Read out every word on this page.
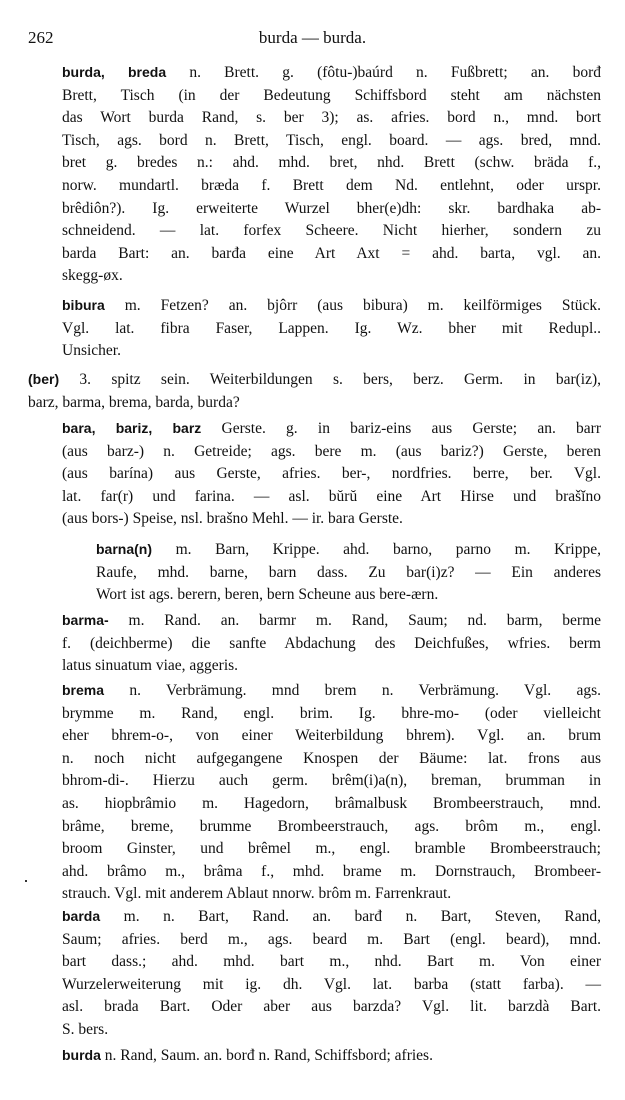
262	burda — burda.
burda, breda n. Brett. g. (fôtu-)baúrd n. Fußbrett; an. borđ
Brett, Tisch (in der Bedeutung Schiffsbord steht am nächsten
das Wort burda Rand, s. ber 3); as. afries. bord n., mnd. bort
Tisch, ags. bord n. Brett, Tisch, engl. board. — ags. bred, mnd.
bret g. bredes n.: ahd. mhd. bret, nhd. Brett (schw. bräda f.,
norw. mundartl. bræda f. Brett dem Nd. entlehnt, oder urspr.
brêdiôn?). Ig. erweiterte Wurzel bher(e)dh: skr. bardhaka ab-
schneidend. — lat. forfex Scheere. Nicht hierher, sondern zu
barda Bart: an. barđa eine Art Axt = ahd. barta, vgl. an.
skegg-øx.
bibura m. Fetzen? an. bjôrr (aus bibura) m. keilförmiges Stück.
Vgl. lat. fibra Faser, Lappen. Ig. Wz. bher mit Redupl..
Unsicher.
(ber) 3. spitz sein. Weiterbildungen s. bers, berz. Germ. in bar(iz),
barz, barma, brema, barda, burda?
bara, bariz, barz Gerste. g. in bariz-eins aus Gerste; an. barr
(aus barz-) n. Getreide; ags. bere m. (aus bariz?) Gerste, beren
(aus barína) aus Gerste, afries. ber-, nordfries. berre, ber. Vgl.
lat. far(r) und farina. — asl. bŭrŭ eine Art Hirse und brašĭno
(aus bors-) Speise, nsl. brašno Mehl. — ir. bara Gerste.
barna(n) m. Barn, Krippe. ahd. barno, parno m. Krippe,
Raufe, mhd. barne, barn dass. Zu bar(i)z? — Ein anderes
Wort ist ags. berern, beren, bern Scheune aus bere-ærn.
barma- m. Rand. an. barmr m. Rand, Saum; nd. barm, berme
f. (deichberme) die sanfte Abdachung des Deichfußes, wfries. berm
latus sinuatum viae, aggeris.
brema n. Verbrämung. mnd brem n. Verbrämung. Vgl. ags.
brymme m. Rand, engl. brim. Ig. bhre-mo- (oder vielleicht
eher bhrem-o-, von einer Weiterbildung bhrem). Vgl. an. brum
n. noch nicht aufgegangene Knospen der Bäume: lat. frons aus
bhrom-di-. Hierzu auch germ. brêm(i)a(n), breman, brumman in
as. hiopbrâmio m. Hagedorn, brâmalbusk Brombeerstrauch, mnd.
brâme, breme, brumme Brombeerstrauch, ags. brôm m., engl.
broom Ginster, und brêmel m., engl. bramble Brombeerstrauch;
ahd. brâmo m., brâma f., mhd. brame m. Dornstrauch, Brombeer-
strauch. Vgl. mit anderem Ablaut nnorw. brôm m. Farrenkraut.
barda m. n. Bart, Rand. an. barđ n. Bart, Steven, Rand,
Saum; afries. berd m., ags. beard m. Bart (engl. beard), mnd.
bart dass.; ahd. mhd. bart m., nhd. Bart m. Von einer
Wurzelerweiterung mit ig. dh. Vgl. lat. barba (statt farba). —
asl. brada Bart. Oder aber aus barzda? Vgl. lit. barzdà Bart.
S. bers.
burda n. Rand, Saum. an. borđ n. Rand, Schiffsbord; afries.
